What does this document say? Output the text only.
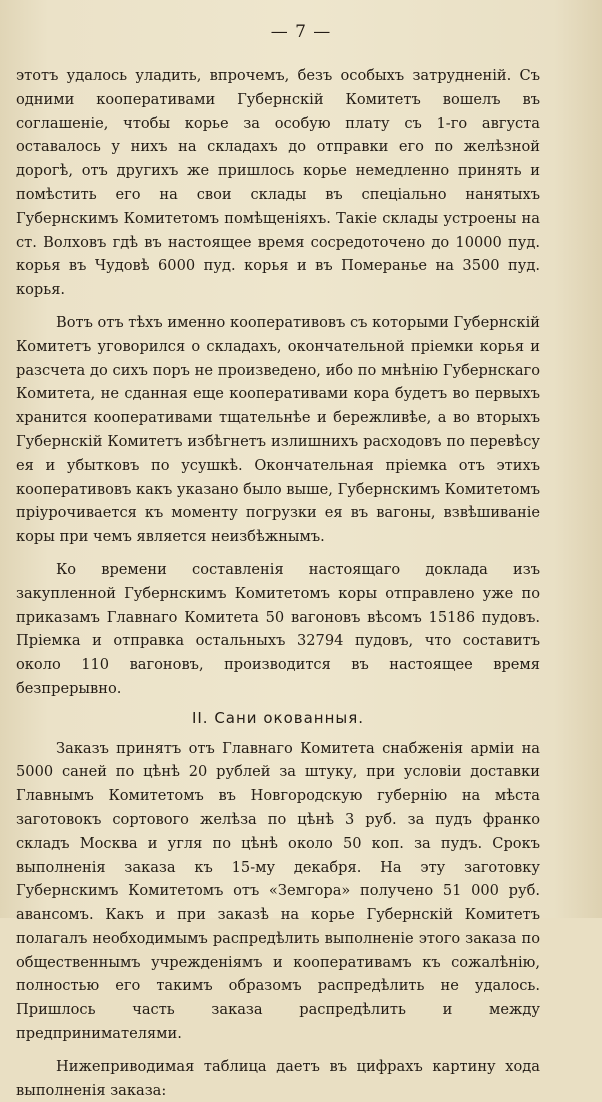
— 7 —

этотъ удалось уладить, впрочемъ, безъ особыхъ затрудненій. Съ одними кооперативами Губернскій Комитетъ вошелъ въ соглашеніе, чтобы корье за особую плату съ 1-го августа оставалось у нихъ на складахъ до отправки его по желѣзной дорогѣ, отъ другихъ же пришлось корье немедленно принять и помѣстить его на свои склады въ спеціально нанятыхъ Губернскимъ Комитетомъ помѣщеніяхъ. Такіе склады устроены на ст. Волховъ гдѣ въ настоящее время сосредоточено до 10000 пуд. корья въ Чудовѣ 6000 пуд. корья и въ Померанье на 3500 пуд. корья.

Вотъ отъ тѣхъ именно кооперативовъ съ которыми Губернскій Комитетъ уговорился о складахъ, окончательной пріемки корья и разсчета до сихъ поръ не произведено, ибо по мнѣнію Губернскаго Комитета, не сданная еще кооперативами кора будетъ во первыхъ хранится кооперативами тщательнѣе и бережливѣе, а во вторыхъ Губернскій Комитетъ избѣгнетъ излишнихъ расходовъ по перевѣсу ея и убытковъ по усушкѣ. Окончательная пріемка отъ этихъ кооперативовъ какъ указано было выше, Губернскимъ Комитетомъ пріурочивается къ моменту погрузки ея въ вагоны, взвѣшиваніе коры при чемъ является неизбѣжнымъ.

Ко времени составленія настоящаго доклада изъ закупленной Губернскимъ Комитетомъ коры отправлено уже по приказамъ Главнаго Комитета 50 вагоновъ вѣсомъ 15186 пудовъ. Пріемка и отправка остальныхъ 32794 пудовъ, что составитъ около 110 вагоновъ, производится въ настоящее время безпрерывно.

II. Сани окованныя.

Заказъ принятъ отъ Главнаго Комитета снабженія арміи на 5000 саней по цѣнѣ 20 рублей за штуку, при условіи доставки Главнымъ Комитетомъ въ Новгородскую губернію на мѣста заготовокъ сортового желѣза по цѣнѣ 3 руб. за пудъ франко складъ Москва и угля по цѣнѣ около 50 коп. за пудъ. Срокъ выполненія заказа къ 15-му декабря. На эту заготовку Губернскимъ Комитетомъ отъ «Земгора» получено 51 000 руб. авансомъ. Какъ и при заказѣ на корье Губернскій Комитетъ полагалъ необходимымъ распредѣлить выполненіе этого заказа по общественнымъ учрежденіямъ и кооперативамъ къ сожалѣнію, полностью его такимъ образомъ распредѣлить не удалось. Пришлось часть заказа распредѣлить и между предпринимателями.

Нижеприводимая таблица даетъ въ цифрахъ картину хода выполненія заказа:
